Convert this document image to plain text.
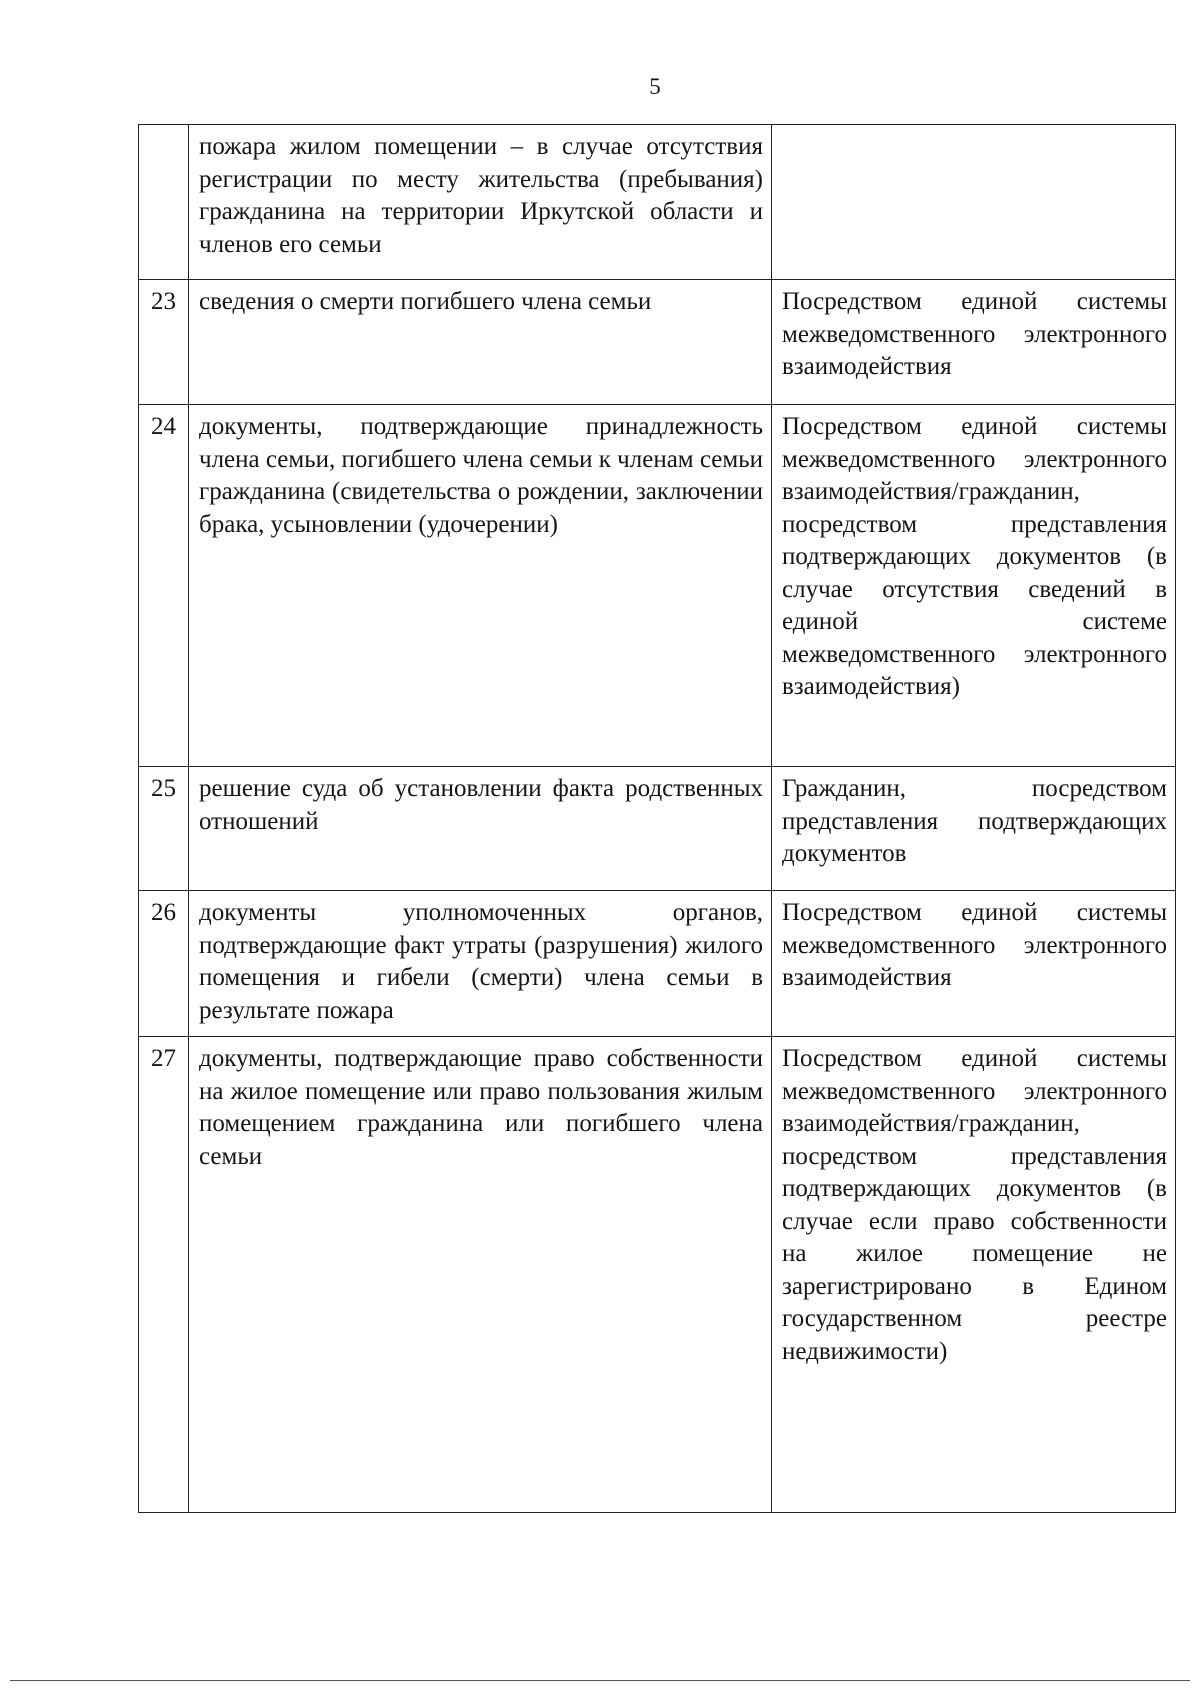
5
	пожара жилом помещении – в случае отсутствия регистрации по месту жительства (пребывания) гражданина на территории Иркутской области и членов его семьи	
23	сведения о смерти погибшего члена семьи	Посредством единой системы межведомственного электронного взаимодействия
24	документы, подтверждающие принадлежность члена семьи, погибшего члена семьи к членам семьи гражданина (свидетельства о рождении, заключении брака, усыновлении (удочерении)	Посредством единой системы межведомственного электронного взаимодействия/гражданин, посредством представления подтверждающих документов (в случае отсутствия сведений в единой системе межведомственного электронного взаимодействия)
25	решение суда об установлении факта родственных отношений	Гражданин, посредством представления подтверждающих документов
26	документы уполномоченных органов, подтверждающие факт утраты (разрушения) жилого помещения и гибели (смерти) члена семьи в результате пожара	Посредством единой системы межведомственного электронного взаимодействия
27	документы, подтверждающие право собственности на жилое помещение или право пользования жилым помещением гражданина или погибшего члена семьи	Посредством единой системы межведомственного электронного взаимодействия/гражданин, посредством представления подтверждающих документов (в случае если право собственности на жилое помещение не зарегистрировано в Едином государственном реестре недвижимости)
